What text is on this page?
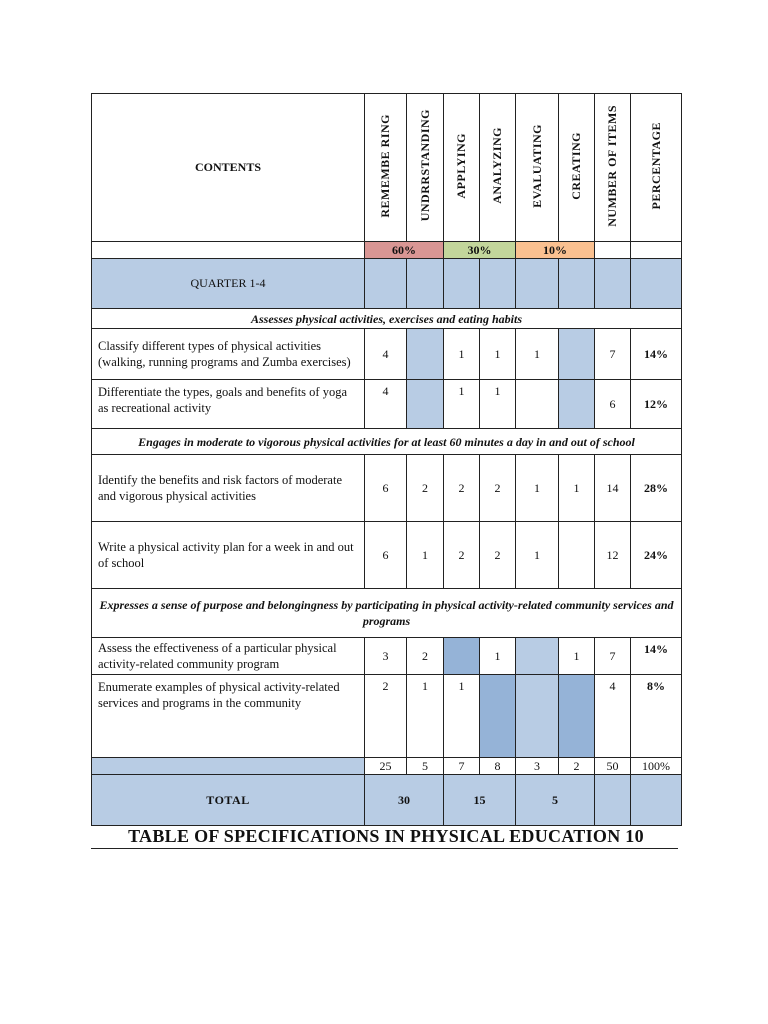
CONTENTS	REMEMBE RING	UNDRRSTANDING	APPLYING	ANALYZING	EVALUATING	CREATING	NUMBER OF ITEMS	PERCENTAGE
	60%		30%		10%			
QUARTER 1-4								
Assesses physical activities, exercises and eating habits								
Classify different types of physical activities (walking, running programs and Zumba exercises)	4		1	1	1		7	14%
Differentiate the types, goals and benefits of yoga as recreational activity	4		1	1			6	12%
Engages in moderate to vigorous physical activities for at least 60 minutes a day in and out of school								
Identify the benefits and risk factors of moderate and vigorous physical activities	6	2	2	2	1	1	14	28%
Write a physical activity plan for a week in and out of school	6	1	2	2	1		12	24%
Expresses a sense of purpose and belongingness by participating in physical activity-related community services and programs								
Assess the effectiveness of a particular physical activity-related community program	3	2		1		1	7	14%
Enumerate examples of physical activity-related services and programs in the community	2	1	1				4	8%
	25	5	7	8	3	2	50	100%
TOTAL	30		15		5			
TABLE OF SPECIFICATIONS IN PHYSICAL EDUCATION 10
